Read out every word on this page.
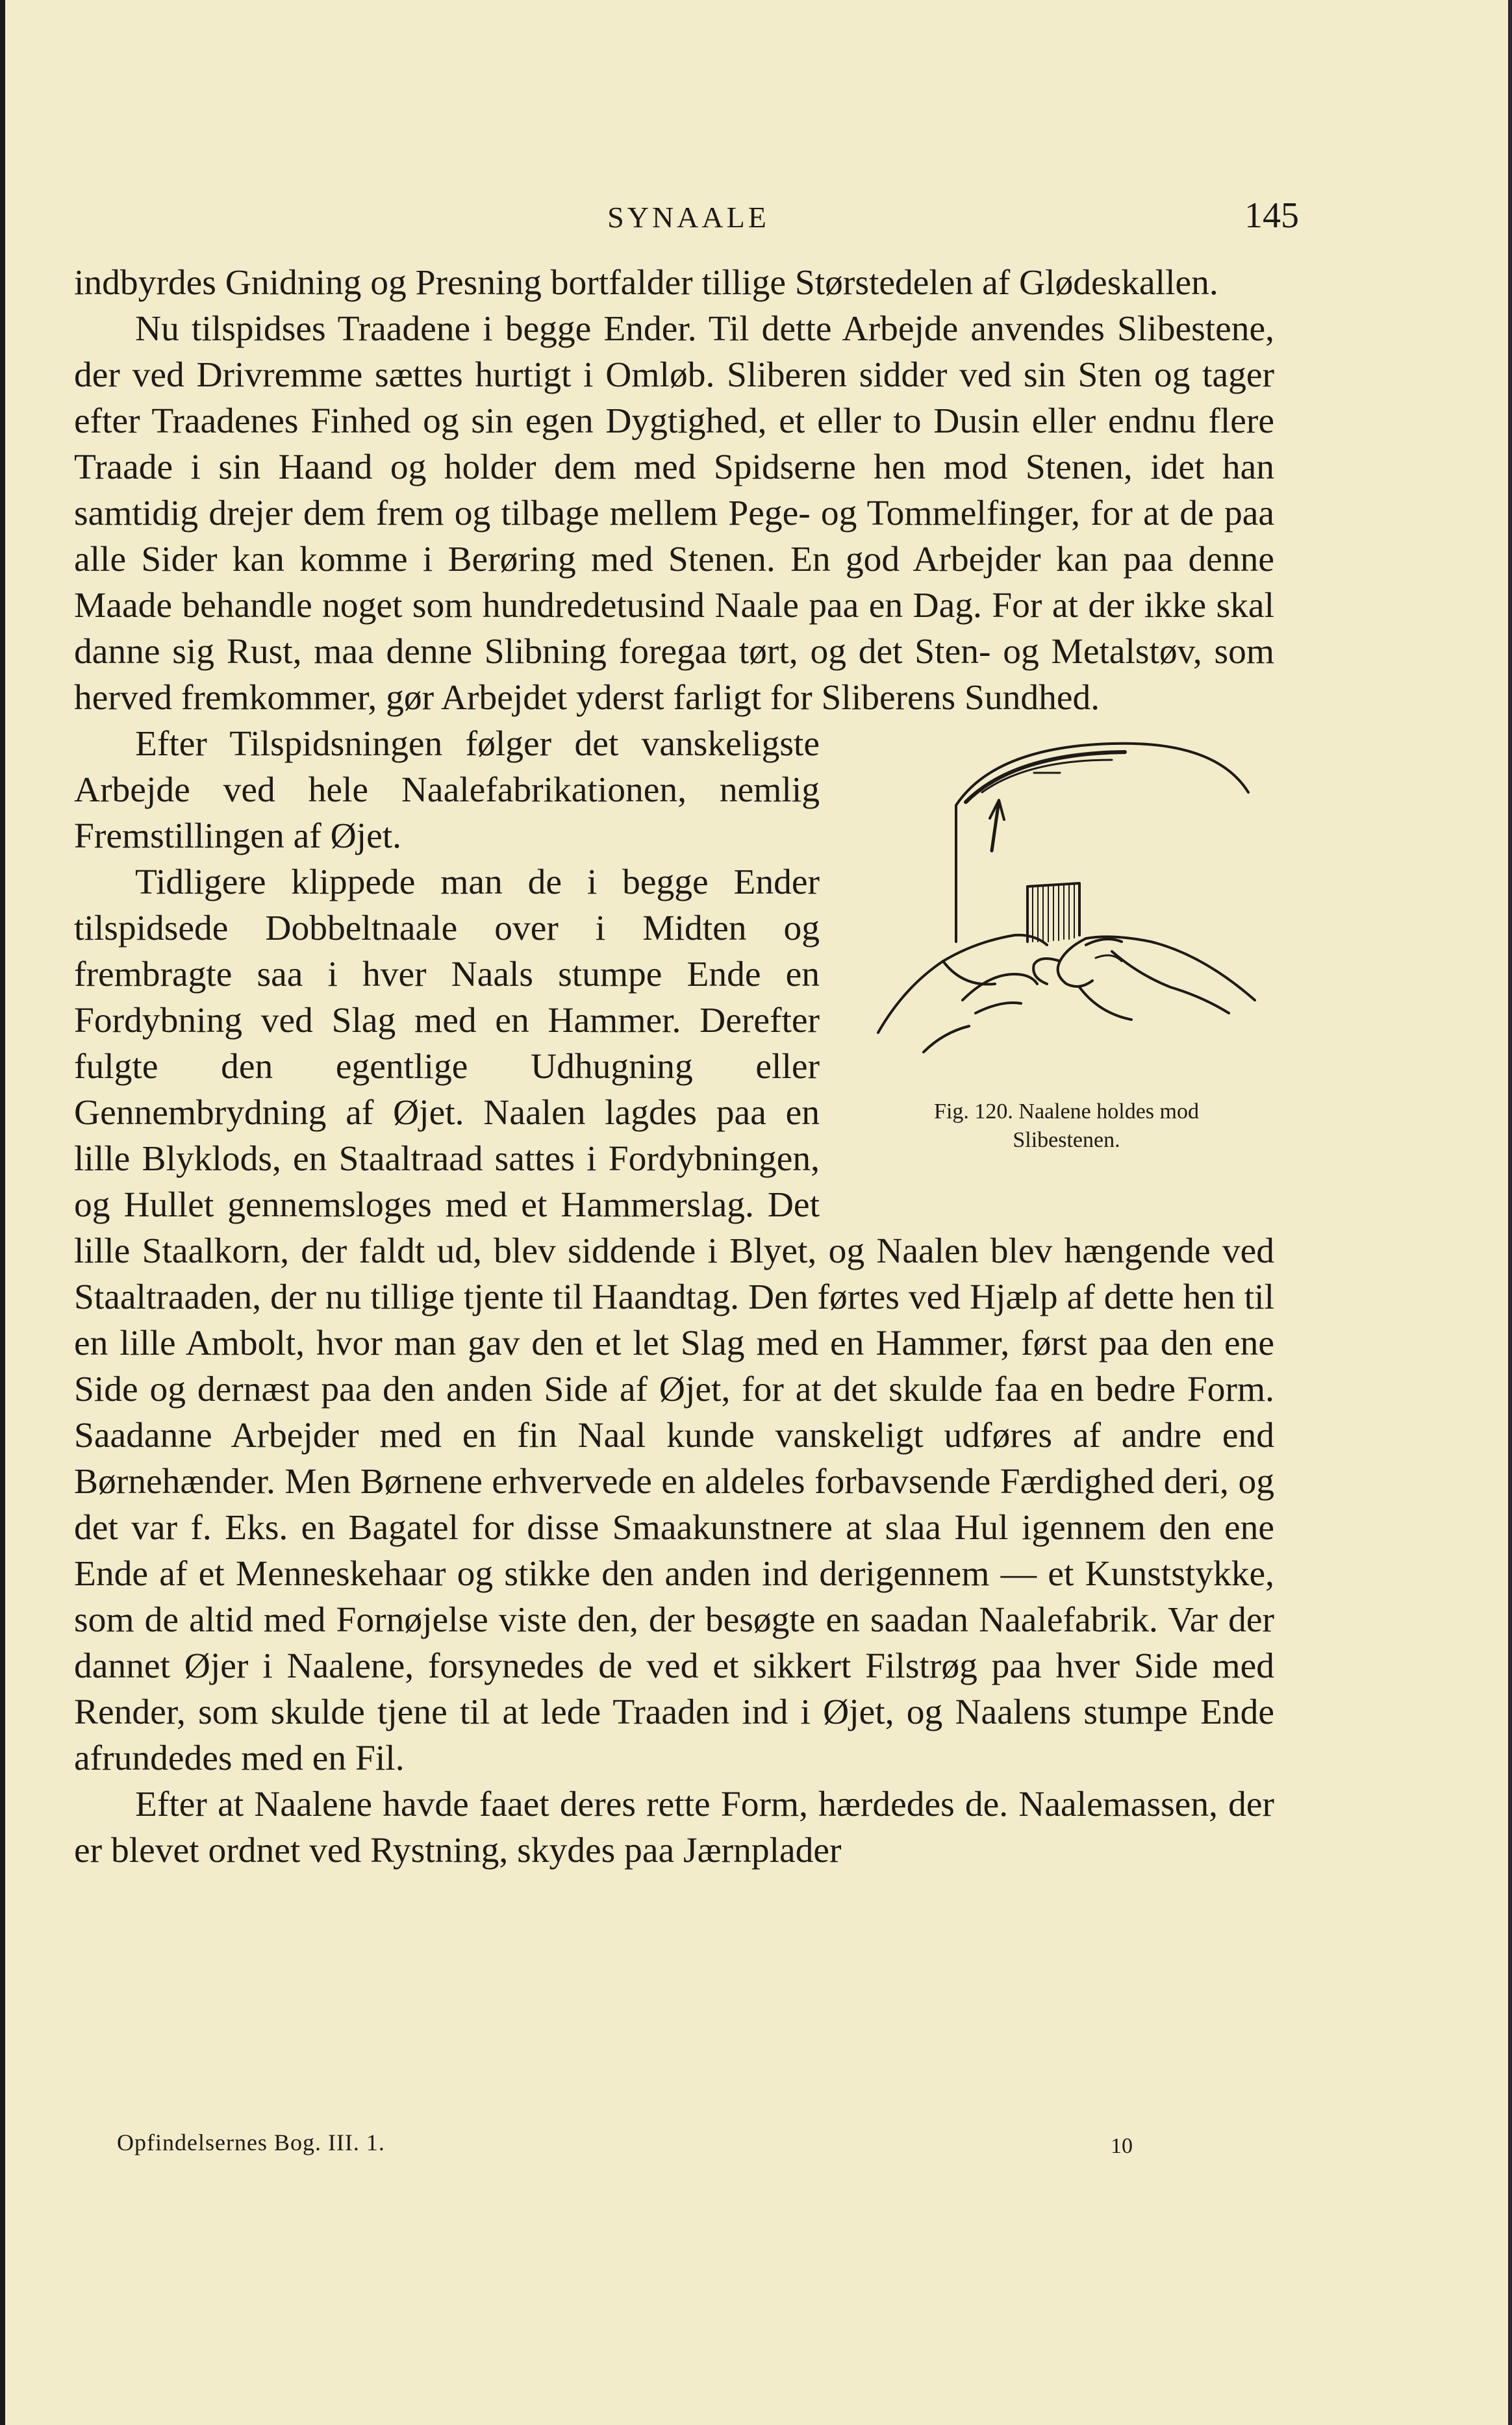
SYNAALE	145

indbyrdes Gnidning og Presning bortfalder tillige Størstedelen af Glødeskallen.

Nu tilspidses Traadene i begge Ender. Til dette Arbejde anvendes Slibestene, der ved Drivremme sættes hurtigt i Omløb. Sliberen sidder ved sin Sten og tager efter Traadenes Finhed og sin egen Dygtighed, et eller to Dusin eller endnu flere Traade i sin Haand og holder dem med Spidserne hen mod Stenen, idet han samtidig drejer dem frem og tilbage mellem Pege- og Tommelfinger, for at de paa alle Sider kan komme i Berøring med Stenen. En god Arbejder kan paa denne Maade behandle noget som hundredetusind Naale paa en Dag. For at der ikke skal danne sig Rust, maa denne Slibning foregaa tørt, og det Sten- og Metalstøv, som herved fremkommer, gør Arbejdet yderst farligt for Sliberens Sundhed.

Fig. 120. Naalene holdes mod
Slibestenen.

Efter Tilspidsningen følger det vanskeligste Arbejde ved hele Naalefabrikationen, nemlig Fremstillingen af Øjet.

Tidligere klippede man de i begge Ender tilspidsede Dobbeltnaale over i Midten og frembragte saa i hver Naals stumpe Ende en Fordybning ved Slag med en Hammer. Derefter fulgte den egentlige Udhugning eller Gennembrydning af Øjet. Naalen lagdes paa en lille Blyklods, en Staaltraad sattes i Fordybningen, og Hullet gennemsloges med et Hammerslag. Det lille Staalkorn, der faldt ud, blev siddende i Blyet, og Naalen blev hængende ved Staaltraaden, der nu tillige tjente til Haandtag. Den førtes ved Hjælp af dette hen til en lille Ambolt, hvor man gav den et let Slag med en Hammer, først paa den ene Side og dernæst paa den anden Side af Øjet, for at det skulde faa en bedre Form. Saadanne Arbejder med en fin Naal kunde vanskeligt udføres af andre end Børnehænder. Men Børnene erhvervede en aldeles forbavsende Færdighed deri, og det var f. Eks. en Bagatel for disse Smaakunstnere at slaa Hul igennem den ene Ende af et Menneskehaar og stikke den anden ind derigennem — et Kunststykke, som de altid med Fornøjelse viste den, der besøgte en saadan Naalefabrik. Var der dannet Øjer i Naalene, forsynedes de ved et sikkert Filstrøg paa hver Side med Render, som skulde tjene til at lede Traaden ind i Øjet, og Naalens stumpe Ende afrundedes med en Fil.

Efter at Naalene havde faaet deres rette Form, hærdedes de. Naalemassen, der er blevet ordnet ved Rystning, skydes paa Jærnplader

Opfindelsernes Bog. III. 1.	10
